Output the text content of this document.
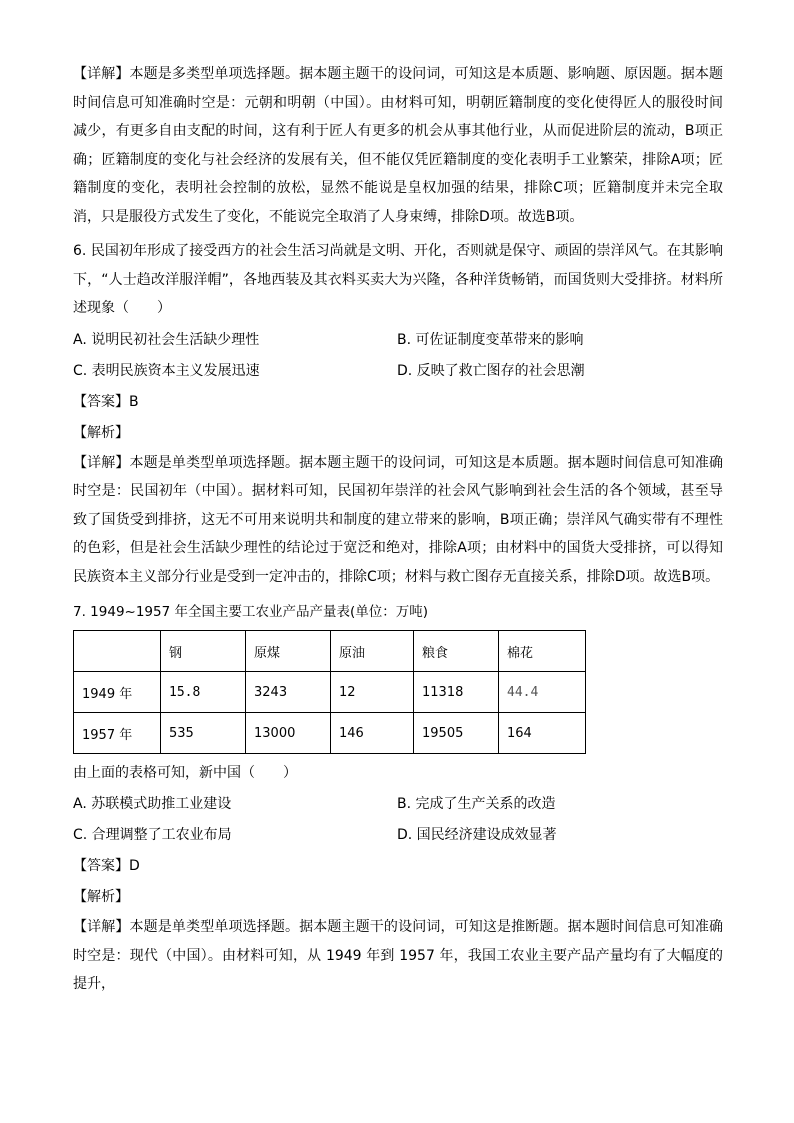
【详解】本题是多类型单项选择题。据本题主题干的设问词，可知这是本质题、影响题、原因题。据本题时间信息可知准确时空是：元朝和明朝（中国）。由材料可知，明朝匠籍制度的变化使得匠人的服役时间减少，有更多自由支配的时间，这有利于匠人有更多的机会从事其他行业，从而促进阶层的流动，B项正确；匠籍制度的变化与社会经济的发展有关，但不能仅凭匠籍制度的变化表明手工业繁荣，排除A项；匠籍制度的变化，表明社会控制的放松，显然不能说是皇权加强的结果，排除C项；匠籍制度并未完全取消，只是服役方式发生了变化，不能说完全取消了人身束缚，排除D项。故选B项。

6. 民国初年形成了接受西方的社会生活习尚就是文明、开化，否则就是保守、顽固的崇洋风气。在其影响下，“人士趋改洋服洋帽”，各地西装及其衣料买卖大为兴隆，各种洋货畅销，而国货则大受排挤。材料所述现象（　　）

A. 说明民初社会生活缺少理性	B. 可佐证制度变革带来的影响
C. 表明民族资本主义发展迅速	D. 反映了救亡图存的社会思潮
【答案】B
【解析】

【详解】本题是单类型单项选择题。据本题主题干的设问词，可知这是本质题。据本题时间信息可知准确时空是：民国初年（中国）。据材料可知，民国初年崇洋的社会风气影响到社会生活的各个领域，甚至导致了国货受到排挤，这无不可用来说明共和制度的建立带来的影响，B项正确；崇洋风气确实带有不理性的色彩，但是社会生活缺少理性的结论过于宽泛和绝对，排除A项；由材料中的国货大受排挤，可以得知民族资本主义部分行业是受到一定冲击的，排除C项；材料与救亡图存无直接关系，排除D项。故选B项。

7. 1949~1957 年全国主要工农业产品产量表(单位：万吨)
	钢	原煤	原油	粮食	棉花
1949 年	15.8	3243	12	11318	44.4
1957 年	535	13000	146	19505	164
由上面的表格可知，新中国（　　）
A. 苏联模式助推工业建设	B. 完成了生产关系的改造
C. 合理调整了工农业布局	D. 国民经济建设成效显著
【答案】D
【解析】

【详解】本题是单类型单项选择题。据本题主题干的设问词，可知这是推断题。据本题时间信息可知准确时空是：现代（中国）。由材料可知，从 1949 年到 1957 年，我国工农业主要产品产量均有了大幅度的提升，
